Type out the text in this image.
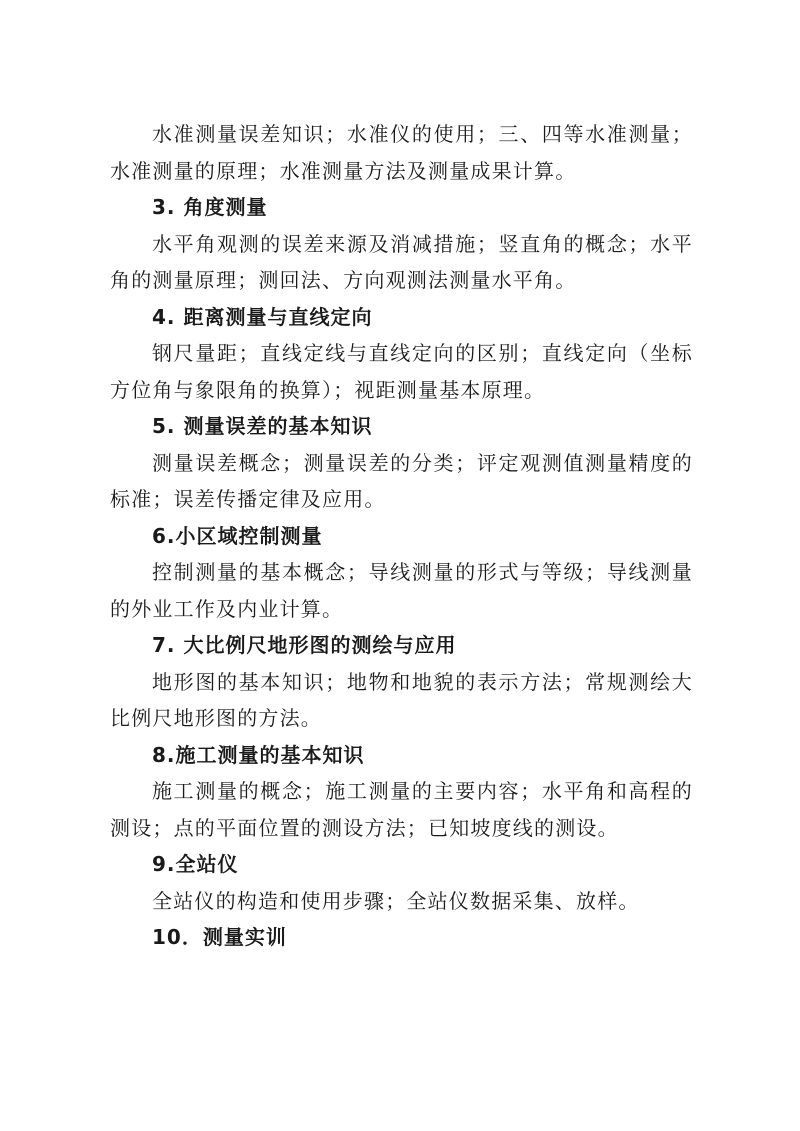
水准测量误差知识；水准仪的使用；三、四等水准测量；
水准测量的原理；水准测量方法及测量成果计算。
3. 角度测量
水平角观测的误差来源及消减措施；竖直角的概念；水平
角的测量原理；测回法、方向观测法测量水平角。
4. 距离测量与直线定向
钢尺量距；直线定线与直线定向的区别；直线定向（坐标
方位角与象限角的换算）；视距测量基本原理。
5. 测量误差的基本知识
测量误差概念；测量误差的分类；评定观测值测量精度的
标准；误差传播定律及应用。
6.小区域控制测量
控制测量的基本概念；导线测量的形式与等级；导线测量
的外业工作及内业计算。
7. 大比例尺地形图的测绘与应用
地形图的基本知识；地物和地貌的表示方法；常规测绘大
比例尺地形图的方法。
8.施工测量的基本知识
施工测量的概念；施工测量的主要内容；水平角和高程的
测设；点的平面位置的测设方法；已知坡度线的测设。
9.全站仪
全站仪的构造和使用步骤；全站仪数据采集、放样。
10．测量实训
